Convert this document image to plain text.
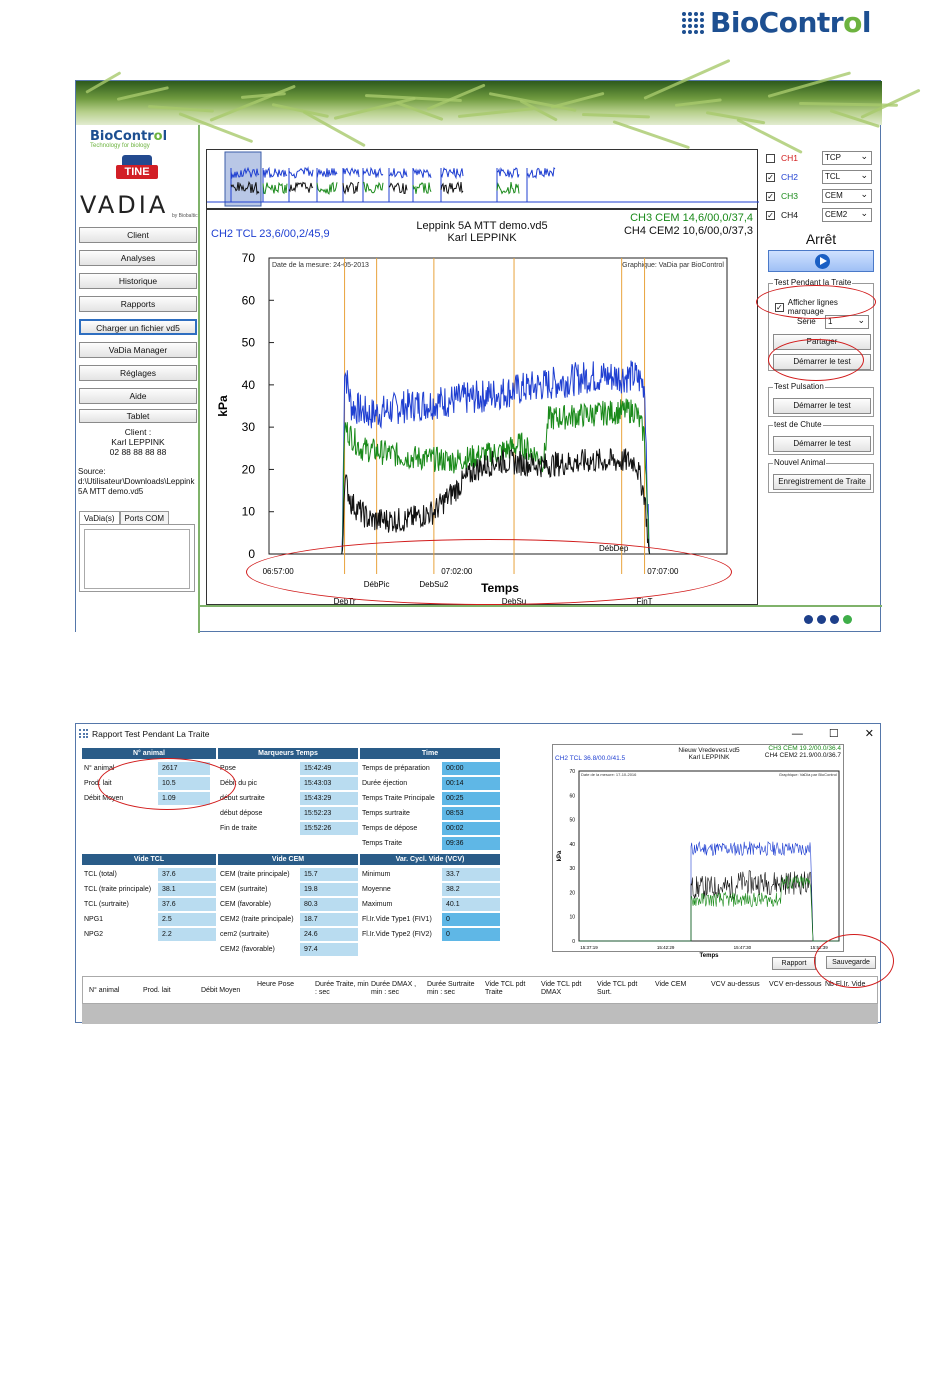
BioControl
BioControl
Technology for biology
TINE
VADIA by Biobaltic
Client
Analyses
Historique
Rapports
Charger un fichier vd5
VaDia Manager
Réglages
Aide
Tablet
Client :
Karl LEPPINK
02 88 88 88 88
Source:
d:\Utilisateur\Downloads\Leppink 5A MTT demo.vd5
VaDia(s)	Ports COM
CH2 TCL 23,6/00,2/45,9
Leppink 5A MTT demo.vd5
Karl LEPPINK
CH3 CEM 14,6/00,0/37,4
CH4 CEM2 10,6/00,0/37,3
Date de la mesure: 24-05-2013	Graphique: VaDia par BioControl
0
10
20
30
40
50
60
70
kPa
06:57:00	07:02:00	07:07:00
Temps
DebTr
DébPic	DebSu2
DebSu
DébDep
FinT
CH1	TCP ⌄
✓ CH2	TCL ⌄
✓ CH3	CEM ⌄
✓ CH4	CEM2 ⌄
Arrêt
Test Pendant la Traite
✓ Afficher lignes marquage
Série	1 ⌄
Partager
Démarrer le test
Test Pulsation
Démarrer le test
test de Chute
Démarrer le test
Nouvel Animal
Enregistrement de Traite
Rapport Test Pendant La Traite	— ☐ ✕
N° animal	Marqueurs Temps	Time
N° animal	2617
Prod. lait	10.5
Débit Moyen	1.09
Pose	15:42:49
Débit du pic	15:43:03
début surtraite	15:43:29
début dépose	15:52:23
Fin de traite	15:52:26
Temps de préparation	00:00
Durée éjection	00:14
Temps Traite Principale	00:25
Temps surtraite	08:53
Temps de dépose	00:02
Temps Traite	09:36
Vide TCL	Vide CEM	Var. Cycl. Vide (VCV)
TCL (total)	37.6
TCL (traite principale)	38.1
TCL (surtraite)	37.6
NPG1	2.5
NPG2	2.2
CEM (traite principale)	15.7
CEM (surtraite)	19.8
CEM (favorable)	80.3
CEM2 (traite principale)	18.7
cem2 (surtraite)	24.6
CEM2 (favorable)	97.4
Minimum	33.7
Moyenne	38.2
Maximum	40.1
Fl.Ir.Vide Type1 (FIV1)	0
Fl.Ir.Vide Type2 (FIV2)	0
CH2 TCL 36.8/00.0/41.5
Nieuw Vredevest.vd5
Karl LEPPINK
CH3 CEM 19.2/00.0/36.4
CH4 CEM2 21.9/00.0/36.7
Date de la mesure: 17-10-2016	Graphique: VaDia par BioControl
70
60
50
40
30
20
10
0
kPa
15:37:19	15:42:29	15:47:30	15:52:39
Temps
Rapport	Sauvegarde
N° animal	Prod. lait	Débit Moyen
Heure Pose	Durée Traite, min : sec
Durée DMAX , min : sec
Durée Surtraite min : sec
Vide TCL pdt Traite
Vide TCL pdt DMAX
Vide TCL pdt Surt.
Vide CEM	VCV au-dessus	VCV en-dessous Nb Fl.Ir. Vide
